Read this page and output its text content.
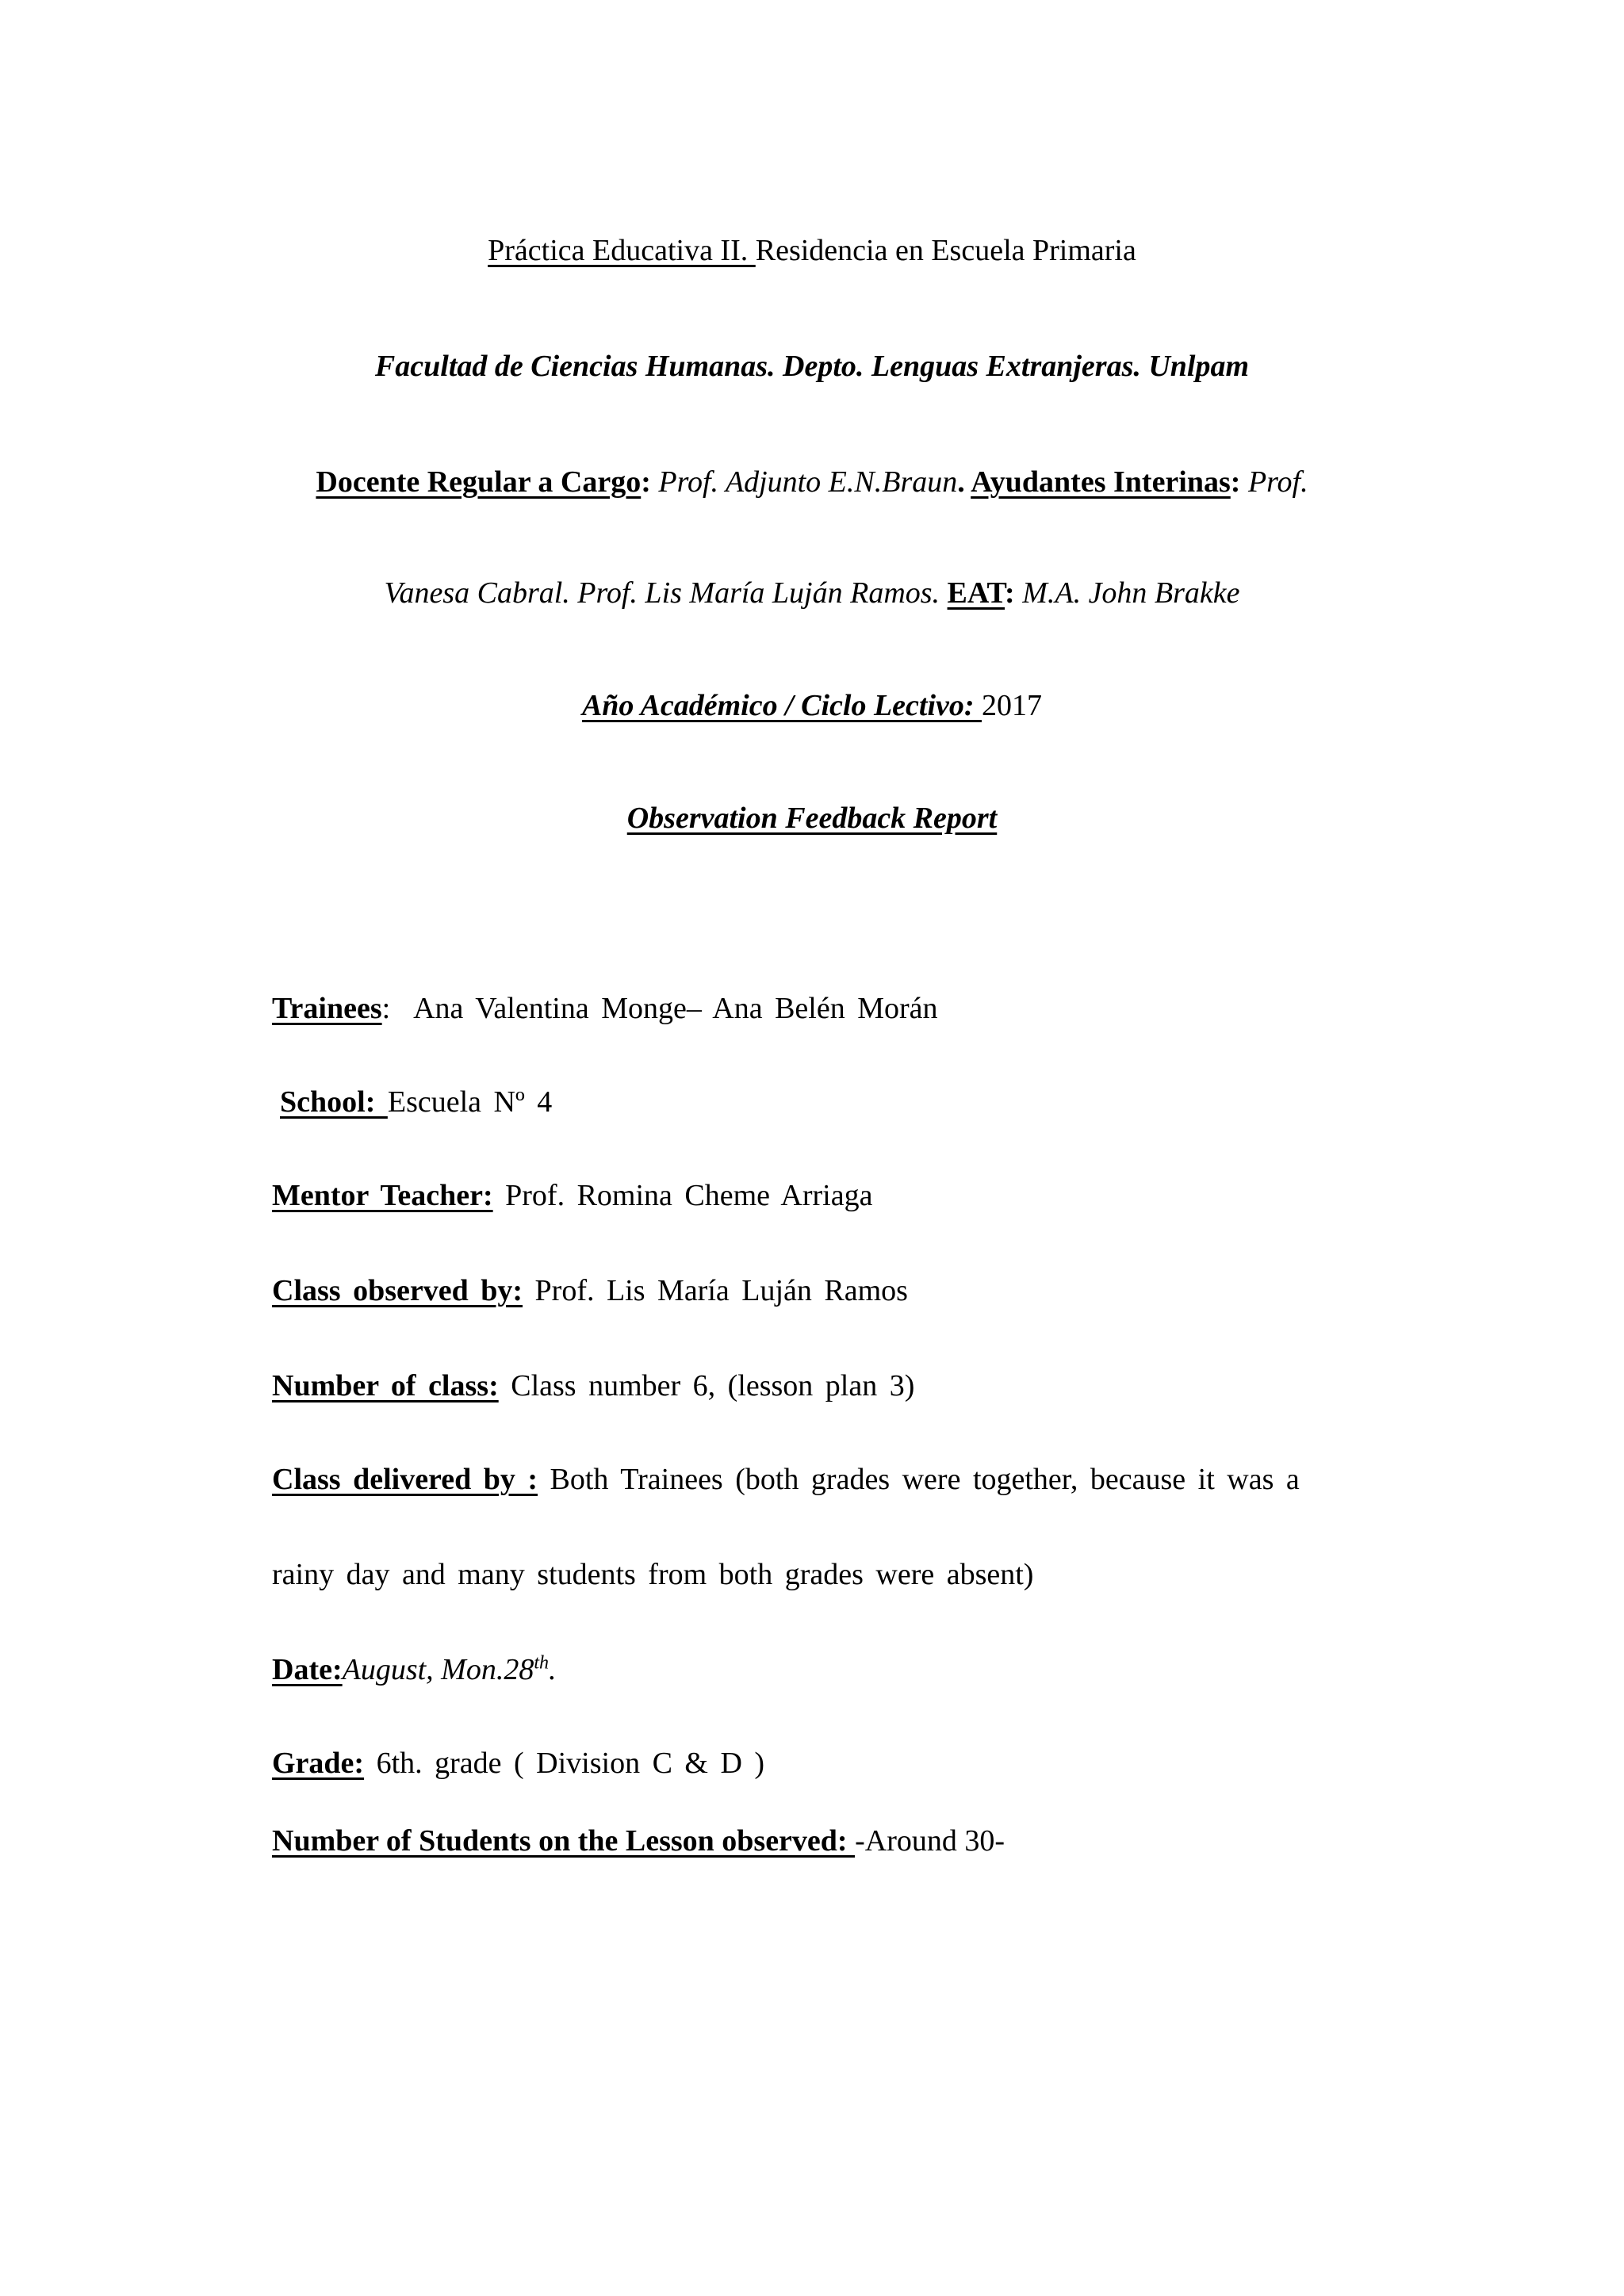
Práctica Educativa II. Residencia en Escuela Primaria
Facultad de Ciencias Humanas. Depto. Lenguas Extranjeras. Unlpam
Docente Regular a Cargo: Prof. Adjunto E.N.Braun. Ayudantes Interinas: Prof.
Vanesa Cabral. Prof. Lis María Luján Ramos. EAT: M.A. John Brakke
Año Académico / Ciclo Lectivo: 2017
Observation Feedback Report
Trainees:  Ana Valentina Monge– Ana Belén Morán
School: Escuela Nº 4
Mentor Teacher: Prof. Romina Cheme Arriaga
Class observed by: Prof. Lis María Luján Ramos
Number of class: Class number 6, (lesson plan 3)
Class delivered by : Both Trainees (both grades were together, because it was a
rainy day and many students from both grades were absent)
Date:August, Mon.28th.
Grade: 6th. grade ( Division C & D )
Number of Students on the Lesson observed: -Around 30-
